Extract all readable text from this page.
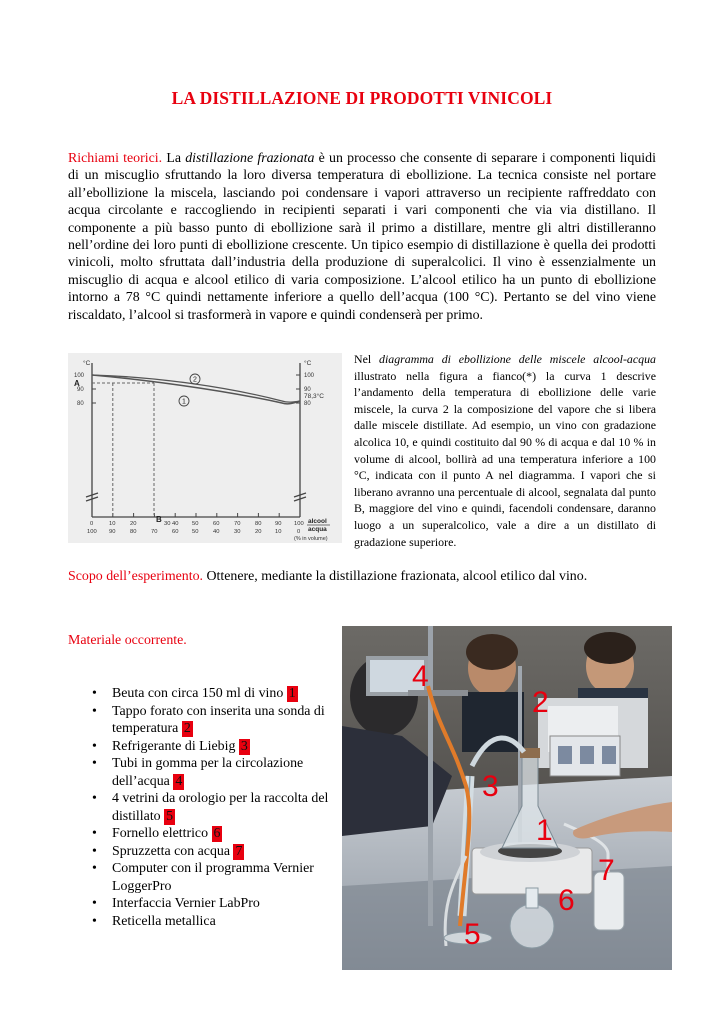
LA DISTILLAZIONE DI PRODOTTI VINICOLI
Richiami teorici. La distillazione frazionata è un processo che consente di separare i componenti liquidi di un miscuglio sfruttando la loro diversa temperatura di ebollizione. La tecnica consiste nel portare all’ebollizione la miscela, lasciando poi condensare i vapori attraverso un recipiente raffreddato con acqua circolante e raccogliendo in recipienti separati i vari componenti che via via distillano. Il componente a più basso punto di ebollizione sarà il primo a distillare, mentre gli altri distilleranno nell’ordine dei loro punti di ebollizione crescente. Un tipico esempio di distillazione è quella dei prodotti vinicoli, molto sfruttata dall’industria della produzione di superalcolici. Il vino è essenzialmente un miscuglio di acqua e alcool etilico di varia composizione. L’alcool etilico ha un punto di ebollizione intorno a 78 °C quindi nettamente inferiore a quello dell’acqua (100 °C). Pertanto se del vino viene riscaldato, l’alcool si trasformerà in vapore e quindi condenserà per primo.
°C	°C
100
90
80
100
90
80
78,3°C
A
B
2
1
0	10	20	30 40 50	60	70	80 90 100
100 90	80	70	60 50	40	30	20 10	0
alcool
acqua
(% in volume)
Nel diagramma di ebollizione delle miscele alcool-acqua illustrato nella figura a fianco(*) la curva 1 descrive l’andamento della temperatura di ebollizione delle varie miscele, la curva 2 la composizione del vapore che si libera dalle miscele distillate. Ad esempio, un vino con gradazione alcolica 10, e quindi costituito dal 90 % di acqua e dal 10 % in volume di alcool, bollirà ad una temperatura inferiore a 100 °C, indicata con il punto A nel diagramma. I vapori che si liberano avranno una percentuale di alcool, segnalata dal punto B, maggiore del vino e quindi, facendoli condensare, daranno luogo a un superalcolico, vale a dire a un distillato di gradazione superiore.
Scopo dell’esperimento. Ottenere, mediante la distillazione frazionata, alcool etilico dal vino.
Materiale occorrente.
• Beuta con circa 150 ml di vino 1
• Tappo forato con inserita una sonda di temperatura 2
• Refrigerante di Liebig 3
• Tubi in gomma per la circolazione dell’acqua 4
• 4 vetrini da orologio per la raccolta del distillato 5
• Fornello elettrico 6
• Spruzzetta con acqua 7
• Computer con il programma Vernier LoggerPro
• Interfaccia Vernier LabPro
• Reticella metallica
4
2
3
1
7
6
5
